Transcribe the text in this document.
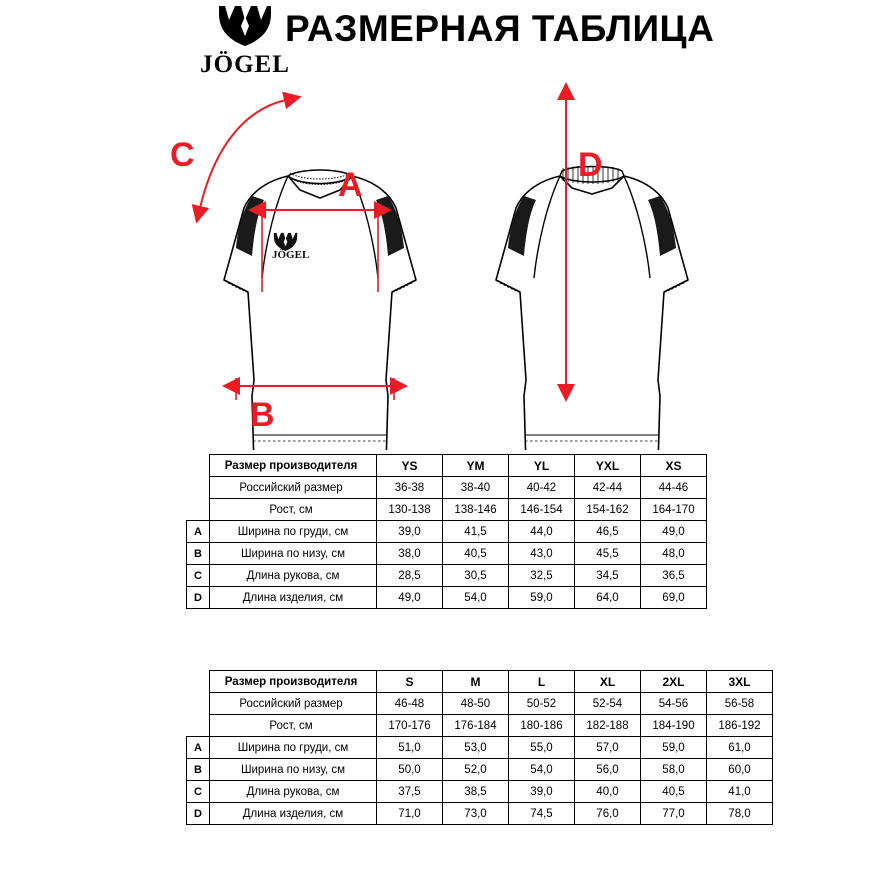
JÖGEL
РАЗМЕРНАЯ ТАБЛИЦА
JÖGEL
A
B
C	D
	Размер производителя	YS	YM	YL	YXL	XS
	Российский размер	36-38	38-40	40-42	42-44	44-46
	Рост, см	130-138	138-146	146-154	154-162	164-170
A	Ширина по груди, см	39,0	41,5	44,0	46,5	49,0
B	Ширина по низу, см	38,0	40,5	43,0	45,5	48,0
C	Длина рукова, см	28,5	30,5	32,5	34,5	36,5
D	Длина изделия, см	49,0	54,0	59,0	64,0	69,0
	Размер производителя	S	M	L	XL	2XL	3XL
	Российский размер	46-48	48-50	50-52	52-54	54-56	56-58
	Рост, см	170-176	176-184	180-186	182-188	184-190	186-192
A	Ширина по груди, см	51,0	53,0	55,0	57,0	59,0	61,0
B	Ширина по низу, см	50,0	52,0	54,0	56,0	58,0	60,0
C	Длина рукова, см	37,5	38,5	39,0	40,0	40,5	41,0
D	Длина изделия, см	71,0	73,0	74,5	76,0	77,0	78,0
